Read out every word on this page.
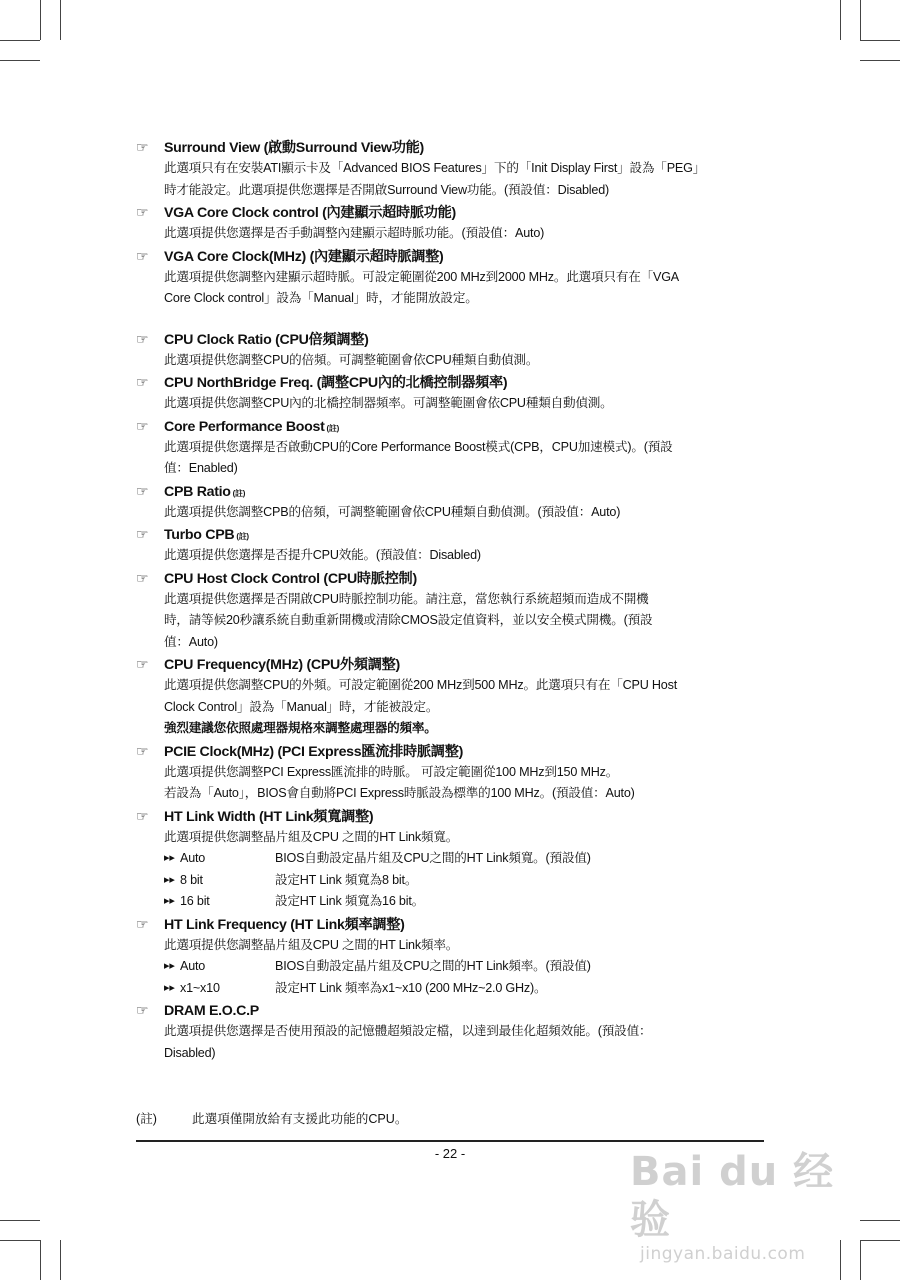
☞	Surround View (啟動Surround View功能)

此選項只有在安裝ATI顯示卡及「Advanced BIOS Features」下的「Init Display First」設為「PEG」

時才能設定。此選項提供您選擇是否開啟Surround View功能。(預設值：Disabled)

☞	VGA Core Clock control (內建顯示超時脈功能)

此選項提供您選擇是否手動調整內建顯示超時脈功能。(預設值：Auto)

☞	VGA Core Clock(MHz) (內建顯示超時脈調整)

此選項提供您調整內建顯示超時脈。可設定範圍從200 MHz到2000 MHz。此選項只有在「VGA

Core Clock control」設為「Manual」時，才能開放設定。

☞	CPU Clock Ratio (CPU倍頻調整)

此選項提供您調整CPU的倍頻。可調整範圍會依CPU種類自動偵測。

☞	CPU NorthBridge Freq. (調整CPU內的北橋控制器頻率)

此選項提供您調整CPU內的北橋控制器頻率。可調整範圍會依CPU種類自動偵測。

☞	Core Performance Boost (註)

此選項提供您選擇是否啟動CPU的Core Performance Boost模式(CPB，CPU加速模式)。(預設

值：Enabled)

☞	CPB Ratio (註)

此選項提供您調整CPB的倍頻，可調整範圍會依CPU種類自動偵測。(預設值：Auto)

☞	Turbo CPB (註)

此選項提供您選擇是否提升CPU效能。(預設值：Disabled)

☞	CPU Host Clock Control (CPU時脈控制)

此選項提供您選擇是否開啟CPU時脈控制功能。請注意，當您執行系統超頻而造成不開機

時，請等候20秒讓系統自動重新開機或清除CMOS設定值資料，並以安全模式開機。(預設

值：Auto)

☞	CPU Frequency(MHz) (CPU外頻調整)

此選項提供您調整CPU的外頻。可設定範圍從200 MHz到500 MHz。此選項只有在「CPU Host

Clock Control」設為「Manual」時，才能被設定。

強烈建議您依照處理器規格來調整處理器的頻率。

☞	PCIE Clock(MHz) (PCI Express匯流排時脈調整)

此選項提供您調整PCI Express匯流排的時脈。 可設定範圍從100 MHz到150 MHz。

若設為「Auto」，BIOS會自動將PCI Express時脈設為標準的100 MHz。(預設值：Auto)

☞	HT Link Width (HT Link頻寬調整)

此選項提供您調整晶片組及CPU 之間的HT Link頻寬。

▸▸ Auto	BIOS自動設定晶片組及CPU之間的HT Link頻寬。(預設值)
▸▸ 8 bit	設定HT Link 頻寬為8 bit。
▸▸ 16 bit	設定HT Link 頻寬為16 bit。
☞	HT Link Frequency (HT Link頻率調整)

此選項提供您調整晶片組及CPU 之間的HT Link頻率。

▸▸ Auto	BIOS自動設定晶片組及CPU之間的HT Link頻率。(預設值)
▸▸ x1~x10	設定HT Link 頻率為x1~x10 (200 MHz~2.0 GHz)。
☞	DRAM E.O.C.P

此選項提供您選擇是否使用預設的記憶體超頻設定檔，以達到最佳化超頻效能。(預設值：

Disabled)

(註)	此選項僅開放給有支援此功能的CPU。
- 22 -	Bai du 经验
jingyan.baidu.com
